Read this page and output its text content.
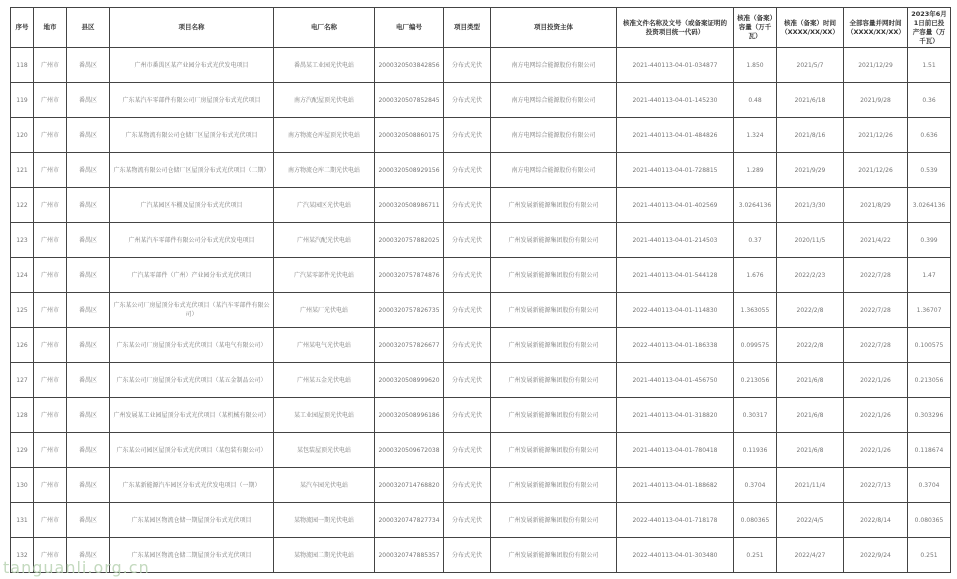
序号	地市	县区	项目名称	电厂名称	电厂编号	项目类型	项目投资主体	核准文件名称及文号（或备案证明的投资项目统一代码）	核准（备案）容量（万千瓦）	核准（备案）时间（XXXX/XX/XX）	全部容量并网时间（XXXX/XX/XX）	2023年6月1日前已投产容量（万千瓦）
118	广州市	番禺区	广州市番禺区某产业园分布式光伏发电项目	番禺某工业园光伏电站	2000320503842856	分布式光伏	南方电网综合能源股份有限公司	2021-440113-04-01-034877	1.850	2021/5/7	2021/12/29	1.51
119	广州市	番禺区	广东某汽车零部件有限公司厂房屋顶分布式光伏项目	南方汽配屋顶光伏电站	2000320507852845	分布式光伏	南方电网综合能源股份有限公司	2021-440113-04-01-145230	0.48	2021/6/18	2021/9/28	0.36
120	广州市	番禺区	广东某物流有限公司仓储厂区屋顶分布式光伏项目	南方物流仓库屋顶光伏电站	2000320508860175	分布式光伏	南方电网综合能源股份有限公司	2021-440113-04-01-484826	1.324	2021/8/16	2021/12/26	0.636
121	广州市	番禺区	广东某物流有限公司仓储厂区屋顶分布式光伏项目（二期）	南方物流仓库二期光伏电站	2000320508929156	分布式光伏	南方电网综合能源股份有限公司	2021-440113-04-01-728815	1.289	2021/9/29	2021/12/26	0.539
122	广州市	番禺区	广汽某园区车棚及屋顶分布式光伏项目	广汽某园区光伏电站	2000320508986711	分布式光伏	广州发展新能源集团股份有限公司	2021-440113-04-01-402569	3.0264136	2021/3/30	2021/8/29	3.0264136
123	广州市	番禺区	广州某汽车零部件有限公司分布式光伏发电项目	广州某汽配光伏电站	2000320757882025	分布式光伏	广州发展新能源集团股份有限公司	2021-440113-04-01-214503	0.37	2020/11/5	2021/4/22	0.399
124	广州市	番禺区	广汽某零部件（广州）产业园分布式光伏项目	广汽某零部件光伏电站	2000320757874876	分布式光伏	广州发展新能源集团股份有限公司	2021-440113-04-01-544128	1.676	2022/2/23	2022/7/28	1.47
125	广州市	番禺区	广东某公司厂房屋顶分布式光伏项目（某汽车零部件有限公司）	广州某厂光伏电站	2000320757826735	分布式光伏	广州发展新能源集团股份有限公司	2022-440113-04-01-114830	1.363055	2022/2/8	2022/7/28	1.36707
126	广州市	番禺区	广东某公司厂房屋顶分布式光伏项目（某电气有限公司）	广州某电气光伏电站	2000320757826677	分布式光伏	广州发展新能源集团股份有限公司	2022-440113-04-01-186338	0.099575	2022/2/8	2022/7/28	0.100575
127	广州市	番禺区	广东某公司厂房屋顶分布式光伏项目（某五金制品公司）	广州某五金光伏电站	2000320508999620	分布式光伏	广州发展新能源集团股份有限公司	2021-440113-04-01-456750	0.213056	2021/6/8	2022/1/26	0.213056
128	广州市	番禺区	广州发展某工业园屋顶分布式光伏项目（某机械有限公司）	某工业园屋顶光伏电站	2000320508996186	分布式光伏	广州发展新能源集团股份有限公司	2021-440113-04-01-318820	0.30317	2021/6/8	2022/1/26	0.303296
129	广州市	番禺区	广东某公司园区屋顶分布式光伏项目（某包装有限公司）	某包装屋顶光伏电站	2000320509672038	分布式光伏	广州发展新能源集团股份有限公司	2021-440113-04-01-780418	0.11936	2021/6/8	2022/1/26	0.118674
130	广州市	番禺区	广东某新能源汽车园区分布式光伏发电项目（一期）	某汽车园光伏电站	2000320714768820	分布式光伏	广州发展新能源集团股份有限公司	2021-440113-04-01-188682	0.3704	2021/11/4	2022/7/13	0.3704
131	广州市	番禺区	广东某园区物流仓储一期屋顶分布式光伏项目	某物流园一期光伏电站	2000320747827734	分布式光伏	广州发展新能源集团股份有限公司	2022-440113-04-01-718178	0.080365	2022/4/5	2022/8/14	0.080365
132	广州市	番禺区	广东某园区物流仓储二期屋顶分布式光伏项目	某物流园二期光伏电站	2000320747885357	分布式光伏	广州发展新能源集团股份有限公司	2022-440113-04-01-303480	0.251	2022/4/27	2022/9/24	0.251
tanguanli.org.cn
